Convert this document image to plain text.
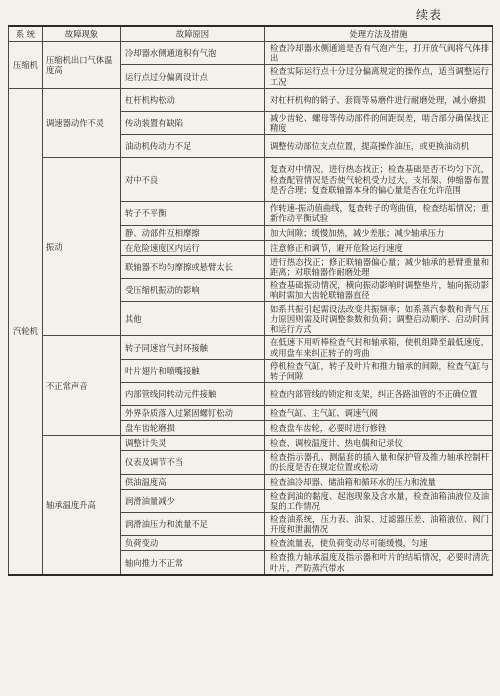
续表
系 统	故障现象	故障原因	处理方法及措施
压缩机	压缩机出口气体温度高	冷却器水侧通道积有气泡	检查冷却器水侧通道是否有气泡产生，打开放气阀将气体排出
		运行点过分偏离设计点	检查实际运行点十分过分偏离规定的操作点，适当调整运行工况
汽轮机	调速器动作不灵	杠杆机构松动	对杠杆机构的销子、套筒等易磨件进行耐磨处理，减小磨损
		传动装置有缺陷	减少齿轮、螺母等传动部件的间距误差，啮合部分确保找正精度
		油动机传动力不足	调整传动部位支点位置，提高操作油压，或更换油动机
	振动	对中不良	复查对中情况，进行热态找正；检查基础是否不均匀下沉，检查配管情况是否使气轮机受力过大，支吊架、伸缩器布置是否合理；复查联轴器本身的偏心量是否在允许范围
		转子不平衡	作转速-振动值曲线，复查转子的弯曲值，检查结垢情况；重新作动平衡试验
		静、动部件互相摩擦	加大间隙；缓慢加热，减少差胀；减少轴承压力
		在危险速度区内运行	注意修正和调节，避开危险运行速度
		联轴器不均匀摩擦或悬臂太长	进行热态找正；修正联轴器偏心量；减少轴承的悬臂重量和距离；对联轴器作耐磨处理
		受压缩机振动的影响	检查基础振动情况，横向振动影响时调整垫片，轴向振动影响时需加大齿轮联轴器直径
		其他	如系共振引起需设法改变共振频率；如系蒸汽参数和背气压力原因则需及时调整参数和负荷；调整启动顺序、启动时间和运行方式
	不正常声音	转子同速宫气封环接触	在低速下用听棒检查气封和轴承箱，使机组降至最低速度，或用盘车来纠正转子的弯曲
		叶片翅片和喷嘴接触	停机检查气缸，转子及叶片和推力轴承的间隙，检查气缸与转子间隙
		内部管线同转动元件接触	检查内部管线的锁定和支架，纠正各路油管的不正确位置
		外界杂质落入过紧固螺钉松动	检查气缸、主气缸、调速气阀
		盘车齿轮磨损	检查盘车齿轮，必要时进行修锉
	轴承温度升高	调整计失灵	检查、调校温度计、热电偶和记录仪
		仪表及调节不当	检查指示器孔、测温套的插入量和保护管及推力轴承控制杆的长度是否在规定位置或松动
		供油温度高	检查油冷却器、储油箱和循环水的压力和流量
		润滑油量减少	检查润油的黏度、起泡现象及含水量，检查油箱油液位及油泵的工作情况
		润滑油压力和流量不足	检查油系统，压力表、油泵、过滤器压差、油箱液位、阀门开度和泄漏情况
		负荷变动	检查流量表，使负荷变动尽可能缓慢，匀速
		轴向推力不正常	检查推力轴承温度及指示器和叶片的结垢情况，必要时清洗叶片，严防蒸汽带水
